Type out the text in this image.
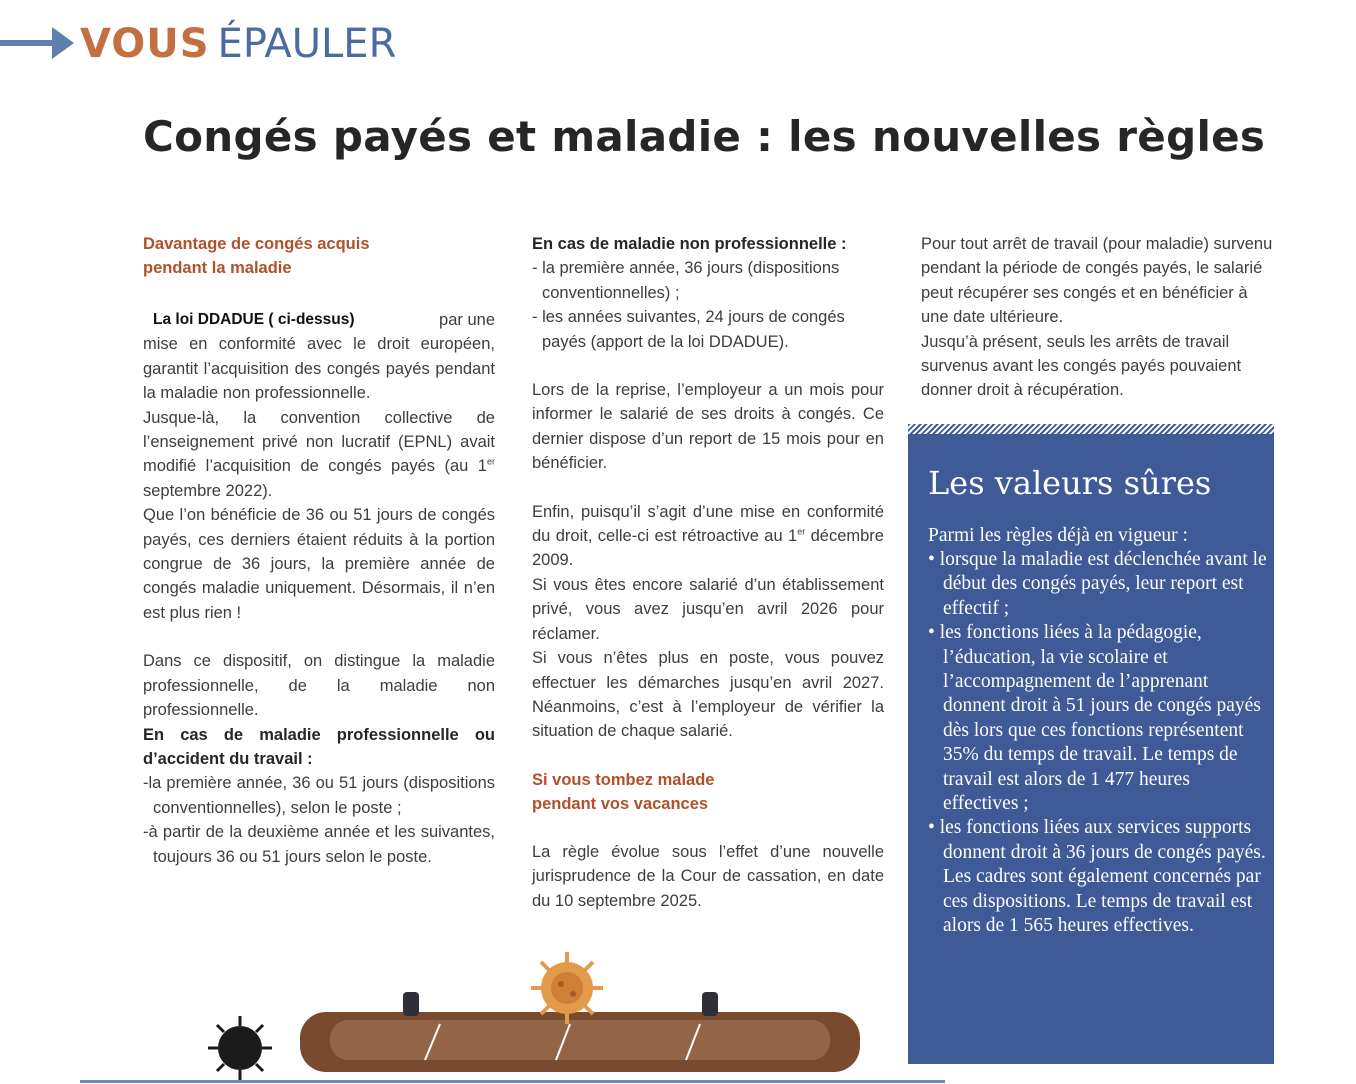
VOUS ÉPAULER
Congés payés et maladie : les nouvelles règles

Davantage de congés acquis

pendant la maladie

La loi DDADUE ( ci-dessus)	par une

mise en conformité avec le droit européen, garantit l’acquisition des congés payés pendant la maladie non professionnelle.

Jusque-là, la convention collective de l’enseignement privé non lucratif (EPNL) avait modifié l’acquisition de congés payés (au 1er septembre 2022).

Que l’on bénéficie de 36 ou 51 jours de congés payés, ces derniers étaient réduits à la portion congrue de 36 jours, la première année de congés maladie uniquement. Désormais, il n’en est plus rien !

Dans ce dispositif, on distingue la maladie professionnelle, de la maladie non professionnelle.

En cas de maladie professionnelle ou d’accident du travail :

-la première année, 36 ou 51 jours (dispositions conventionnelles), selon le poste ;
-à partir de la deuxième année et les suivantes, toujours 36 ou 51 jours selon le poste.

En cas de maladie non professionnelle :

- la première année, 36 jours (dispositions conventionnelles) ;
- les années suivantes, 24 jours de congés payés (apport de la loi DDADUE).

Lors de la reprise, l’employeur a un mois pour informer le salarié de ses droits à congés. Ce dernier dispose d’un report de 15 mois pour en bénéficier.

Enfin, puisqu’il s’agit d’une mise en conformité du droit, celle-ci est rétroactive au 1er décembre 2009.

Si vous êtes encore salarié d’un établissement privé, vous avez jusqu’en avril 2026 pour réclamer.

Si vous n’êtes plus en poste, vous pouvez effectuer les démarches jusqu’en avril 2027. Néanmoins, c’est à l’employeur de vérifier la situation de chaque salarié.

Si vous tombez malade

pendant vos vacances

La règle évolue sous l’effet d’une nouvelle jurisprudence de la Cour de cassation, en date du 10 septembre 2025.

Pour tout arrêt de travail (pour maladie) survenu pendant la période de congés payés, le salarié peut récupérer ses congés et en bénéficier à une date ultérieure.

Jusqu’à présent, seuls les arrêts de travail survenus avant les congés payés pouvaient donner droit à récupération.

Les valeurs sûres
Parmi les règles déjà en vigueur :
• lorsque la maladie est déclenchée avant le début des congés payés, leur report est effectif ;
• les fonctions liées à la pédagogie, l’éducation, la vie scolaire et l’accompagnement de l’apprenant donnent droit à 51 jours de congés payés dès lors que ces fonctions représentent 35% du temps de travail. Le temps de travail est alors de 1 477 heures effectives ;
• les fonctions liées aux services supports donnent droit à 36 jours de congés payés. Les cadres sont également concernés par ces dispositions. Le temps de travail est alors de 1 565 heures effectives.
